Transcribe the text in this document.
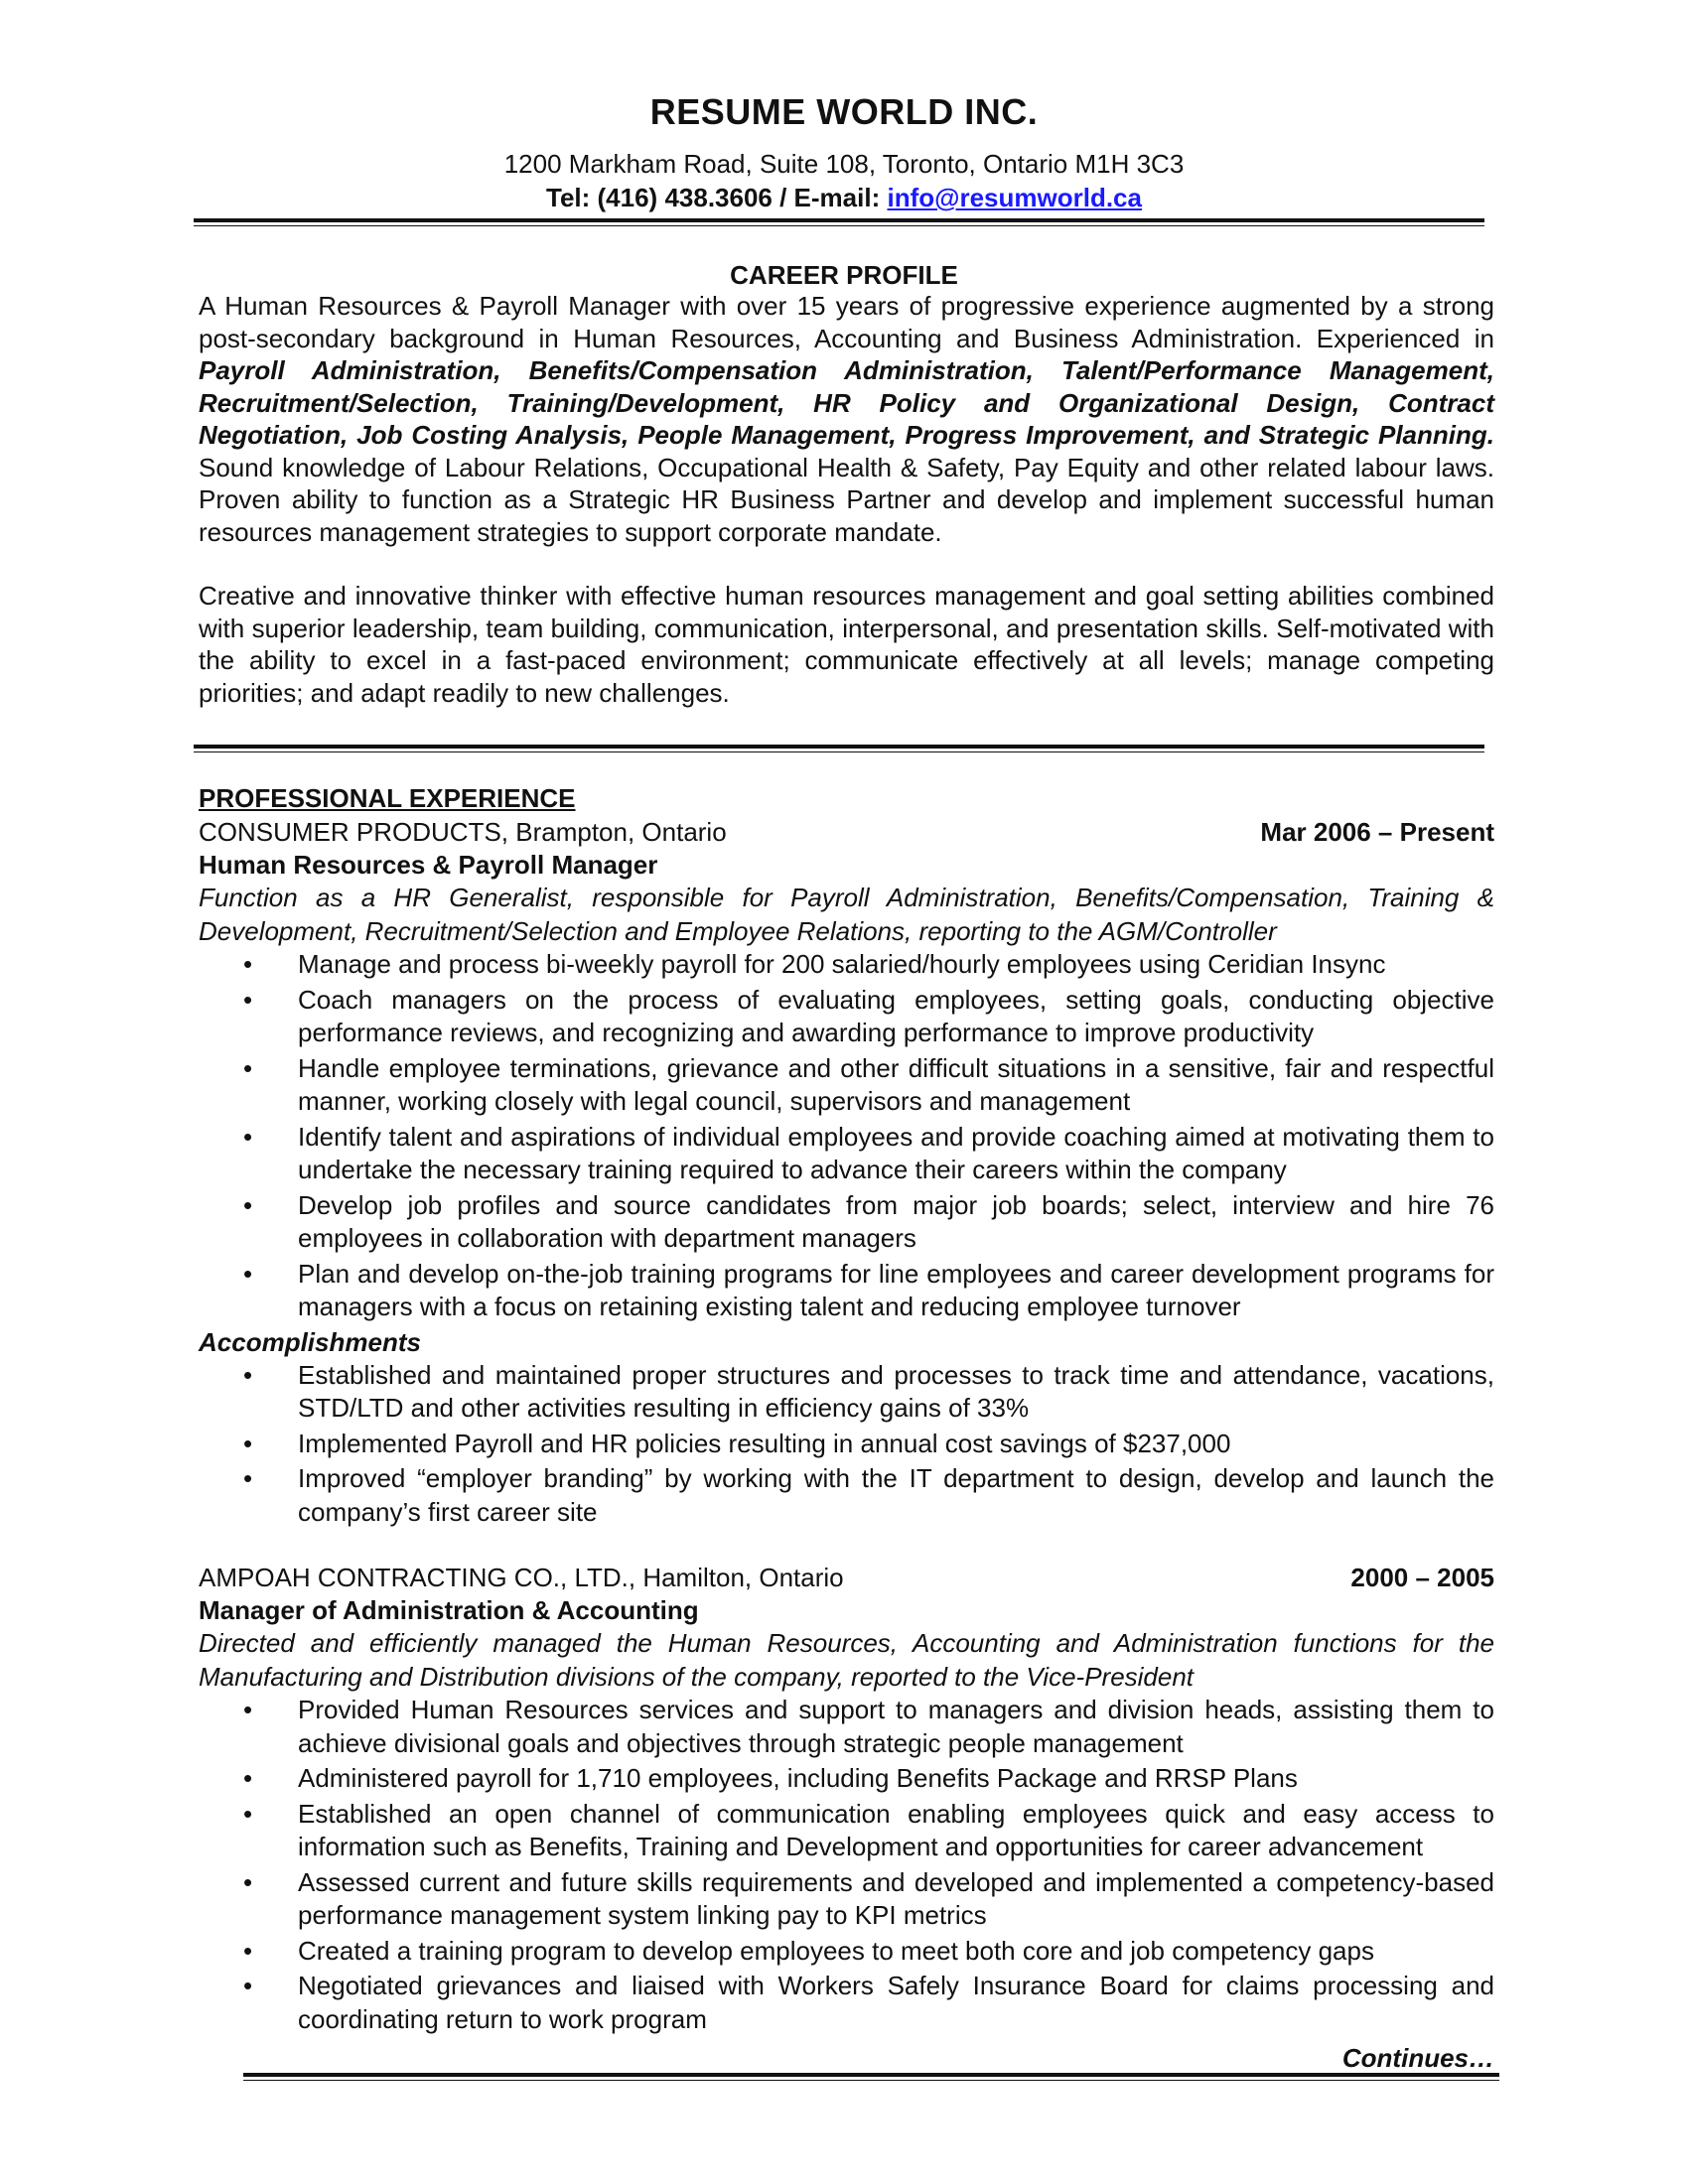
RESUME WORLD INC.
1200 Markham Road, Suite 108, Toronto, Ontario M1H 3C3
Tel: (416) 438.3606 / E-mail: info@resumworld.ca
CAREER PROFILE

A Human Resources & Payroll Manager with over 15 years of progressive experience augmented by a strong post-secondary background in Human Resources, Accounting and Business Administration. Experienced in Payroll Administration, Benefits/Compensation Administration, Talent/Performance Management, Recruitment/Selection, Training/Development, HR Policy and Organizational Design, Contract Negotiation, Job Costing Analysis, People Management, Progress Improvement, and Strategic Planning. Sound knowledge of Labour Relations, Occupational Health & Safety, Pay Equity and other related labour laws. Proven ability to function as a Strategic HR Business Partner and develop and implement successful human resources management strategies to support corporate mandate.

Creative and innovative thinker with effective human resources management and goal setting abilities combined with superior leadership, team building, communication, interpersonal, and presentation skills. Self-motivated with the ability to excel in a fast-paced environment; communicate effectively at all levels; manage competing priorities; and adapt readily to new challenges.

PROFESSIONAL EXPERIENCE
CONSUMER PRODUCTS, Brampton, Ontario	Mar 2006 – Present
Human Resources & Payroll Manager

Function as a HR Generalist, responsible for Payroll Administration, Benefits/Compensation, Training & Development, Recruitment/Selection and Employee Relations, reporting to the AGM/Controller

• Manage and process bi-weekly payroll for 200 salaried/hourly employees using Ceridian Insync
• Coach managers on the process of evaluating employees, setting goals, conducting objective performance reviews, and recognizing and awarding performance to improve productivity
• Handle employee terminations, grievance and other difficult situations in a sensitive, fair and respectful manner, working closely with legal council, supervisors and management
• Identify talent and aspirations of individual employees and provide coaching aimed at motivating them to undertake the necessary training required to advance their careers within the company
• Develop job profiles and source candidates from major job boards; select, interview and hire 76 employees in collaboration with department managers
• Plan and develop on-the-job training programs for line employees and career development programs for managers with a focus on retaining existing talent and reducing employee turnover
Accomplishments
• Established and maintained proper structures and processes to track time and attendance, vacations, STD/LTD and other activities resulting in efficiency gains of 33%
• Implemented Payroll and HR policies resulting in annual cost savings of $237,000
• Improved “employer branding” by working with the IT department to design, develop and launch the company’s first career site
AMPOAH CONTRACTING CO., LTD., Hamilton, Ontario	2000 – 2005
Manager of Administration & Accounting

Directed and efficiently managed the Human Resources, Accounting and Administration functions for the Manufacturing and Distribution divisions of the company, reported to the Vice-President

• Provided Human Resources services and support to managers and division heads, assisting them to achieve divisional goals and objectives through strategic people management
• Administered payroll for 1,710 employees, including Benefits Package and RRSP Plans
• Established an open channel of communication enabling employees quick and easy access to information such as Benefits, Training and Development and opportunities for career advancement
• Assessed current and future skills requirements and developed and implemented a competency-based performance management system linking pay to KPI metrics
• Created a training program to develop employees to meet both core and job competency gaps
• Negotiated grievances and liaised with Workers Safely Insurance Board for claims processing and coordinating return to work program
Continues…
